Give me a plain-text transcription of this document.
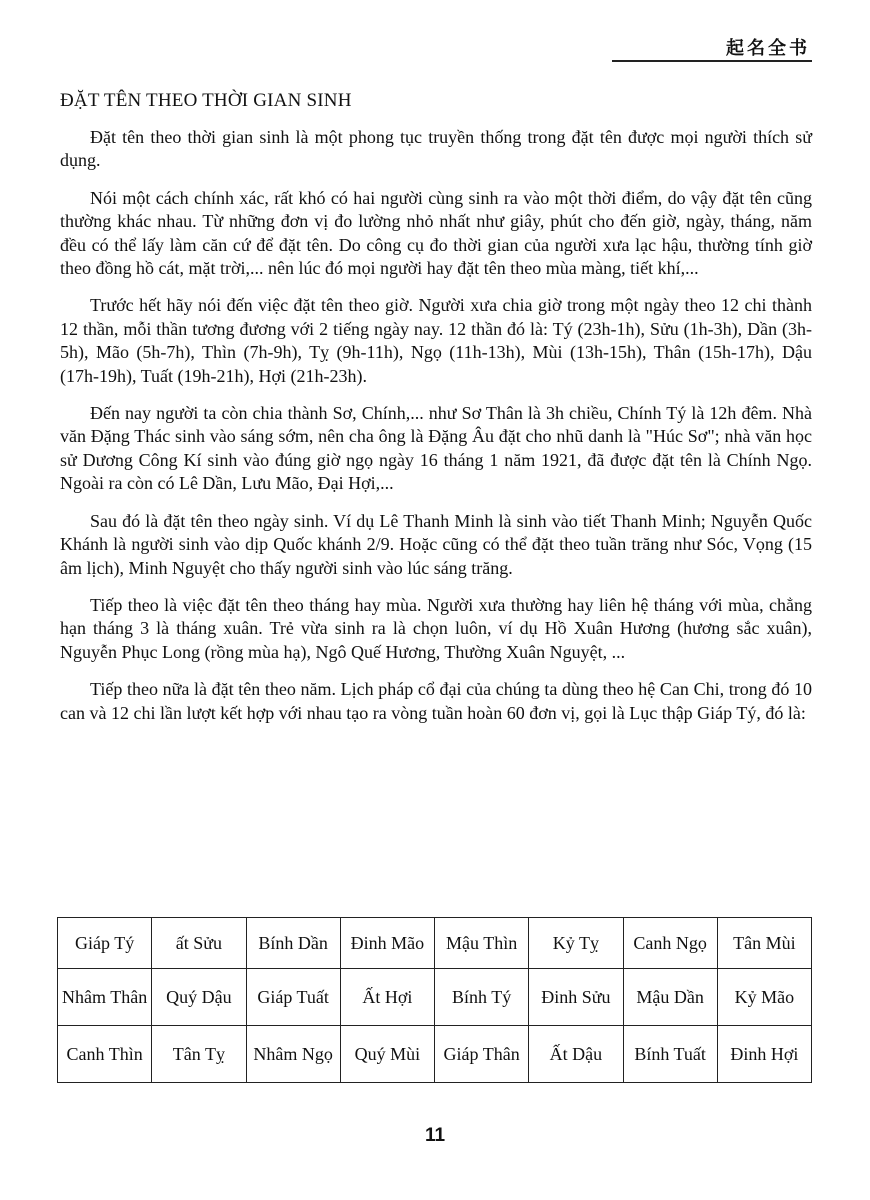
起名全书
ĐẶT TÊN THEO THỜI GIAN SINH

Đặt tên theo thời gian sinh là một phong tục truyền thống trong đặt tên được mọi người thích sử dụng.

Nói một cách chính xác, rất khó có hai người cùng sinh ra vào một thời điểm, do vậy đặt tên cũng thường khác nhau. Từ những đơn vị đo lường nhỏ nhất như giây, phút cho đến giờ, ngày, tháng, năm đều có thể lấy làm căn cứ để đặt tên. Do công cụ đo thời gian của người xưa lạc hậu, thường tính giờ theo đồng hồ cát, mặt trời,... nên lúc đó mọi người hay đặt tên theo mùa màng, tiết khí,...

Trước hết hãy nói đến việc đặt tên theo giờ. Người xưa chia giờ trong một ngày theo 12 chi thành 12 thần, mỗi thần tương đương với 2 tiếng ngày nay. 12 thần đó là: Tý (23h-1h), Sửu (1h-3h), Dần (3h-5h), Mão (5h-7h), Thìn (7h-9h), Tỵ (9h-11h), Ngọ (11h-13h), Mùi (13h-15h), Thân (15h-17h), Dậu (17h-19h), Tuất (19h-21h), Hợi (21h-23h).

Đến nay người ta còn chia thành Sơ, Chính,... như Sơ Thân là 3h chiều, Chính Tý là 12h đêm. Nhà văn Đặng Thác sinh vào sáng sớm, nên cha ông là Đặng Âu đặt cho nhũ danh là "Húc Sơ"; nhà văn học sử Dương Công Kí sinh vào đúng giờ ngọ ngày 16 tháng 1 năm 1921, đã được đặt tên là Chính Ngọ. Ngoài ra còn có Lê Dần, Lưu Mão, Đại Hợi,...

Sau đó là đặt tên theo ngày sinh. Ví dụ Lê Thanh Minh là sinh vào tiết Thanh Minh; Nguyễn Quốc Khánh là người sinh vào dịp Quốc khánh 2/9. Hoặc cũng có thể đặt theo tuần trăng như Sóc, Vọng (15 âm lịch), Minh Nguyệt cho thấy người sinh vào lúc sáng trăng.

Tiếp theo là việc đặt tên theo tháng hay mùa. Người xưa thường hay liên hệ tháng với mùa, chẳng hạn tháng 3 là tháng xuân. Trẻ vừa sinh ra là chọn luôn, ví dụ Hồ Xuân Hương (hương sắc xuân), Nguyễn Phục Long (rồng mùa hạ), Ngô Quế Hương, Thường Xuân Nguyệt, ...

Tiếp theo nữa là đặt tên theo năm. Lịch pháp cổ đại của chúng ta dùng theo hệ Can Chi, trong đó 10 can và 12 chi lần lượt kết hợp với nhau tạo ra vòng tuần hoàn 60 đơn vị, gọi là Lục thập Giáp Tý, đó là:

Giáp Tý	ất Sửu	Bính Dần	Đinh Mão	Mậu Thìn	Kỷ Tỵ	Canh Ngọ	Tân Mùi
Nhâm Thân	Quý Dậu	Giáp Tuất	Ất Hợi	Bính Tý	Đinh Sửu	Mậu Dần	Kỷ Mão
Canh Thìn	Tân Tỵ	Nhâm Ngọ	Quý Mùi	Giáp Thân	Ất Dậu	Bính Tuất	Đinh Hợi
11
